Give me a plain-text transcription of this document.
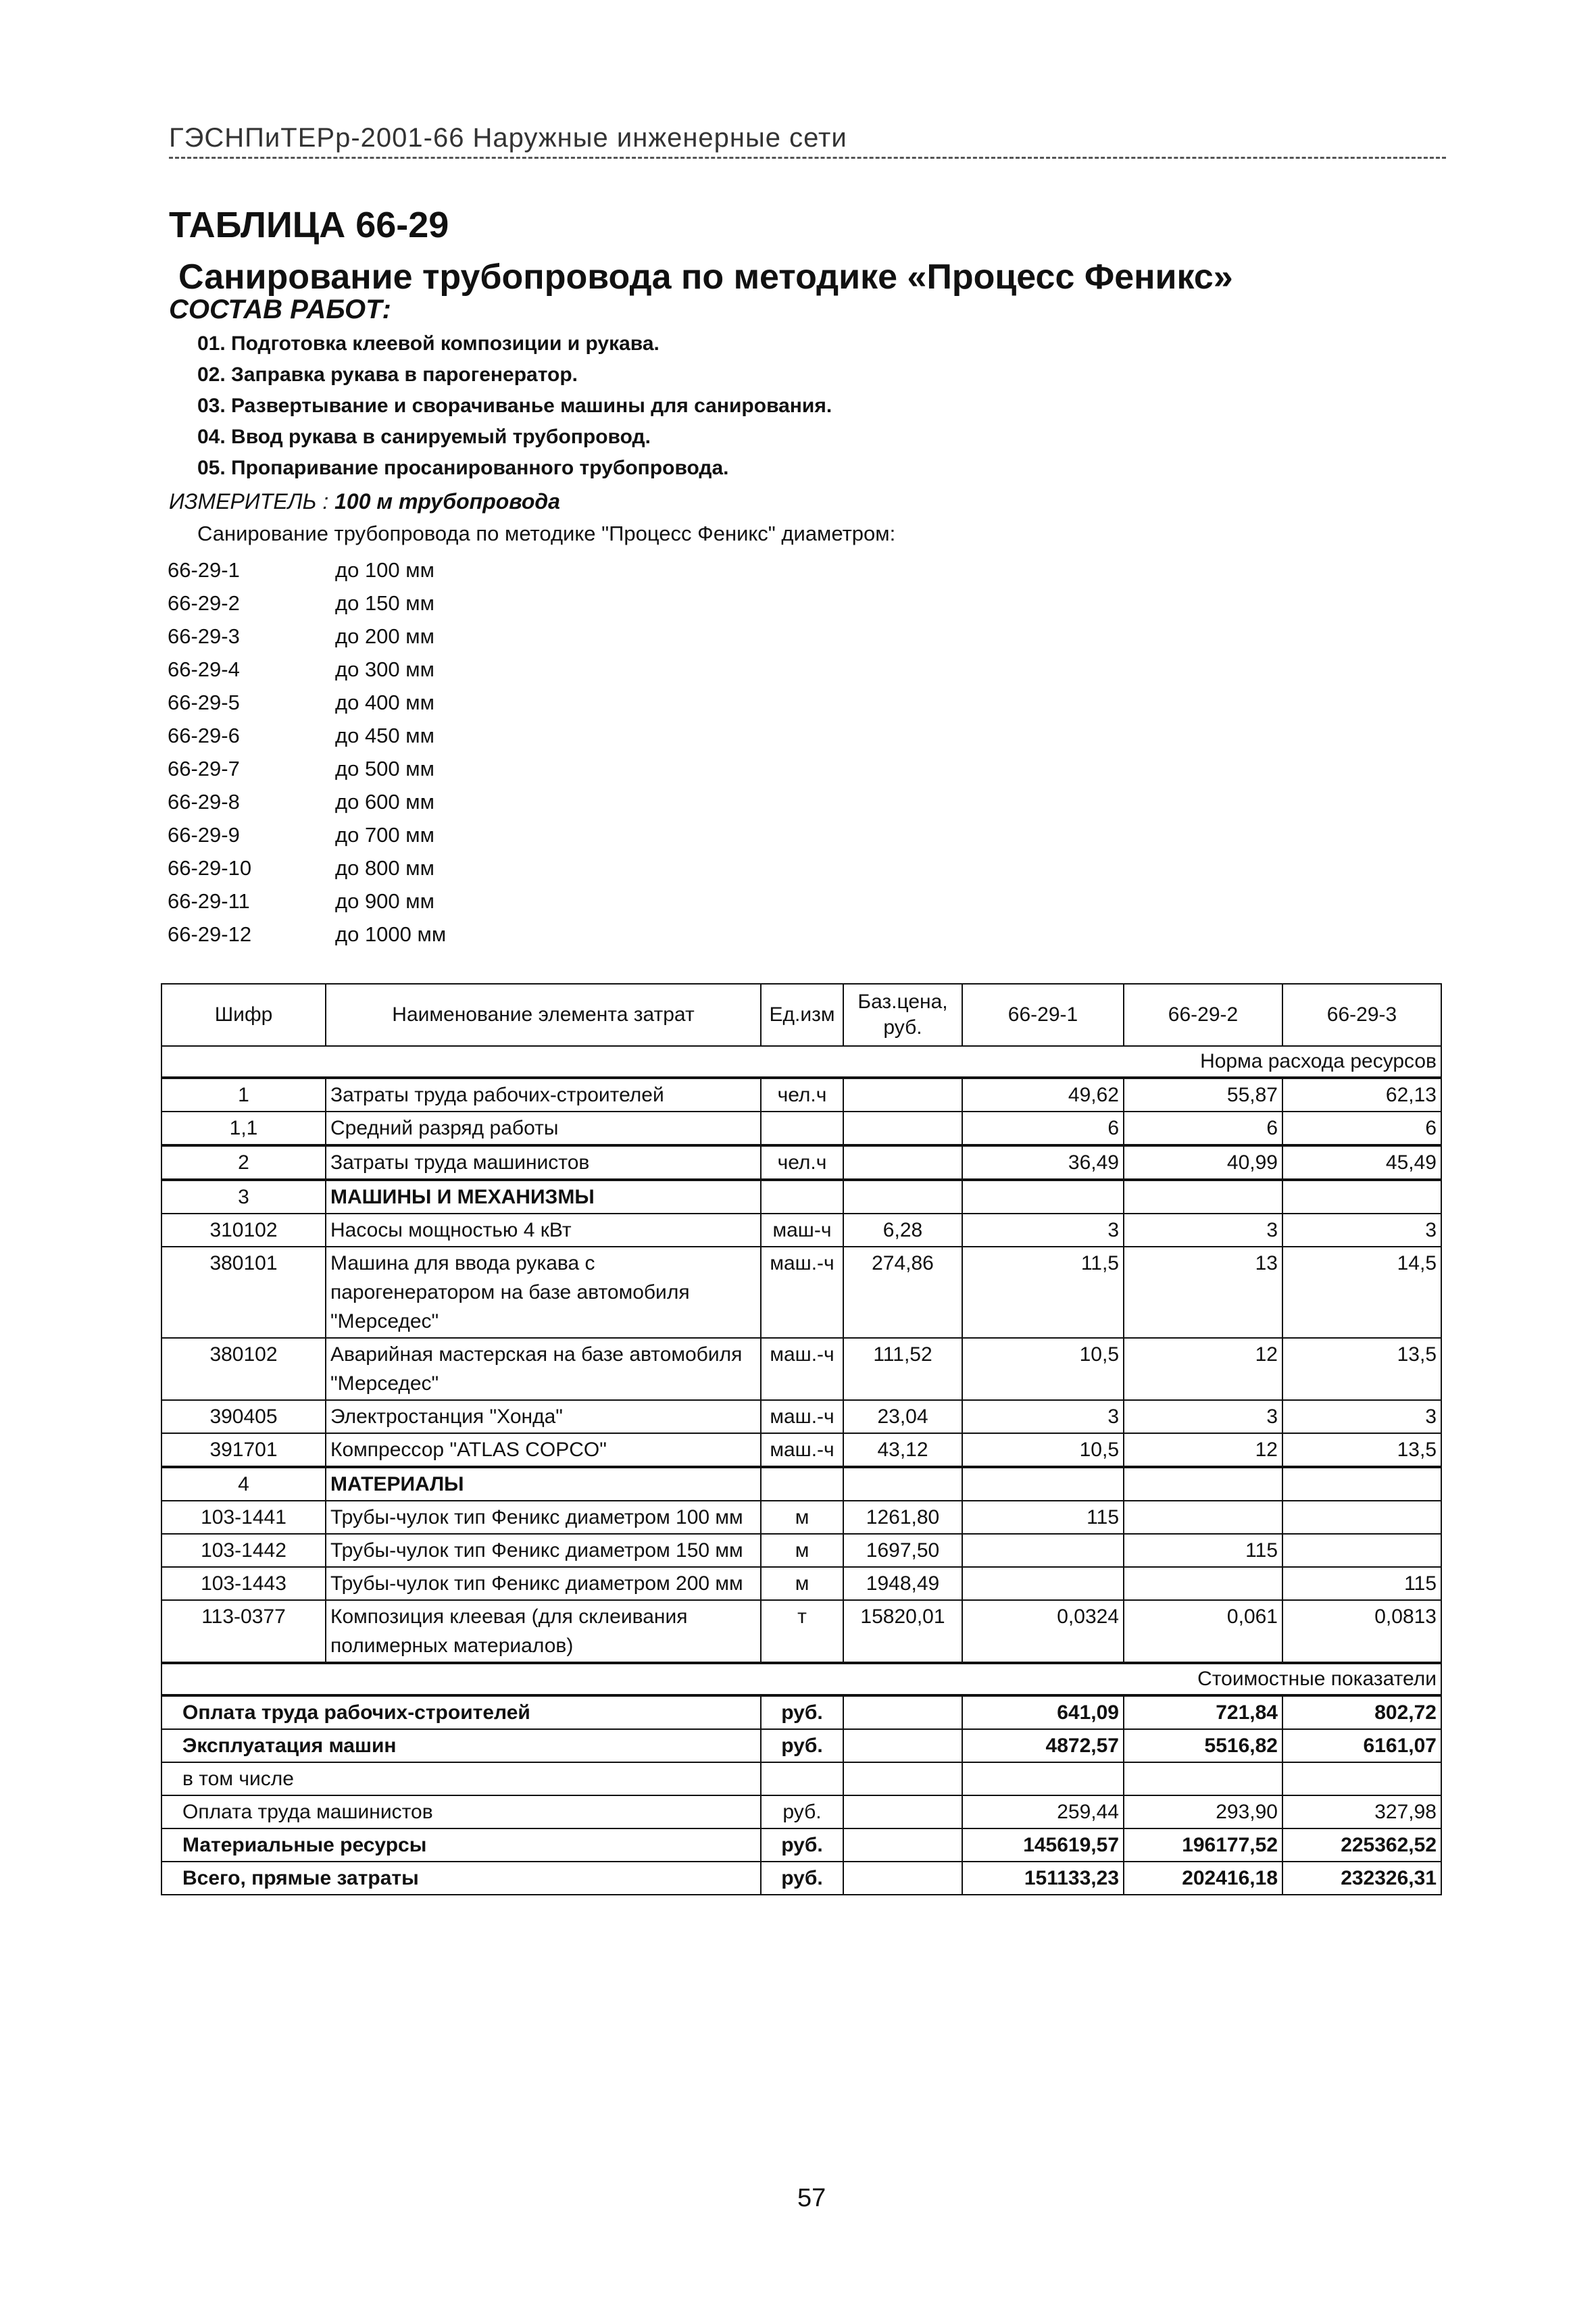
ГЭСНПиТЕРр-2001-66 Наружные инженерные сети
ТАБЛИЦА 66-29
Санирование трубопровода по методике «Процесс Феникс»
СОСТАВ РАБОТ:
01. Подготовка клеевой композиции и рукава.
02. Заправка рукава в парогенератор.
03. Развертывание и сворачиванье машины для санирования.
04. Ввод рукава в санируемый трубопровод.
05. Пропаривание просанированного трубопровода.
ИЗМЕРИТЕЛЬ : 100 м трубопровода
Санирование трубопровода по методике "Процесс Феникс" диаметром:
66-29-1	до 100 мм
66-29-2	до 150 мм
66-29-3	до 200 мм
66-29-4	до 300 мм
66-29-5	до 400 мм
66-29-6	до 450 мм
66-29-7	до 500 мм
66-29-8	до 600 мм
66-29-9	до 700 мм
66-29-10	до 800 мм
66-29-11	до 900 мм
66-29-12	до 1000 мм
Шифр	Наименование элемента затрат	Ед.изм	Баз.цена, руб.	66-29-1	66-29-2	66-29-3
Норма расхода ресурсов						
1	Затраты труда рабочих-строителей	чел.ч		49,62	55,87	62,13
1,1	Средний разряд работы			6	6	6
2	Затраты труда машинистов	чел.ч		36,49	40,99	45,49
3	МАШИНЫ И МЕХАНИЗМЫ					
310102	Насосы мощностью 4 кВт	маш-ч	6,28	3	3	3
380101	Машина для ввода рукава с парогенератором на базе автомобиля "Мерседес"	маш.-ч	274,86	11,5	13	14,5
380102	Аварийная мастерская на базе автомобиля "Мерседес"	маш.-ч	111,52	10,5	12	13,5
390405	Электростанция "Хонда"	маш.-ч	23,04	3	3	3
391701	Компрессор "ATLAS COPCO"	маш.-ч	43,12	10,5	12	13,5
4	МАТЕРИАЛЫ					
103-1441	Трубы-чулок тип Феникс диаметром 100 мм	м	1261,80	115		
103-1442	Трубы-чулок тип Феникс диаметром 150 мм	м	1697,50		115	
103-1443	Трубы-чулок тип Феникс диаметром 200 мм	м	1948,49			115
113-0377	Композиция клеевая (для склеивания полимерных материалов)	т	15820,01	0,0324	0,061	0,0813
Стоимостные показатели						
Оплата труда рабочих-строителей		руб.		641,09	721,84	802,72
Эксплуатация машин		руб.		4872,57	5516,82	6161,07
в том числе						
Оплата труда машинистов		руб.		259,44	293,90	327,98
Материальные ресурсы		руб.		145619,57	196177,52	225362,52
Всего, прямые затраты		руб.		151133,23	202416,18	232326,31
57
